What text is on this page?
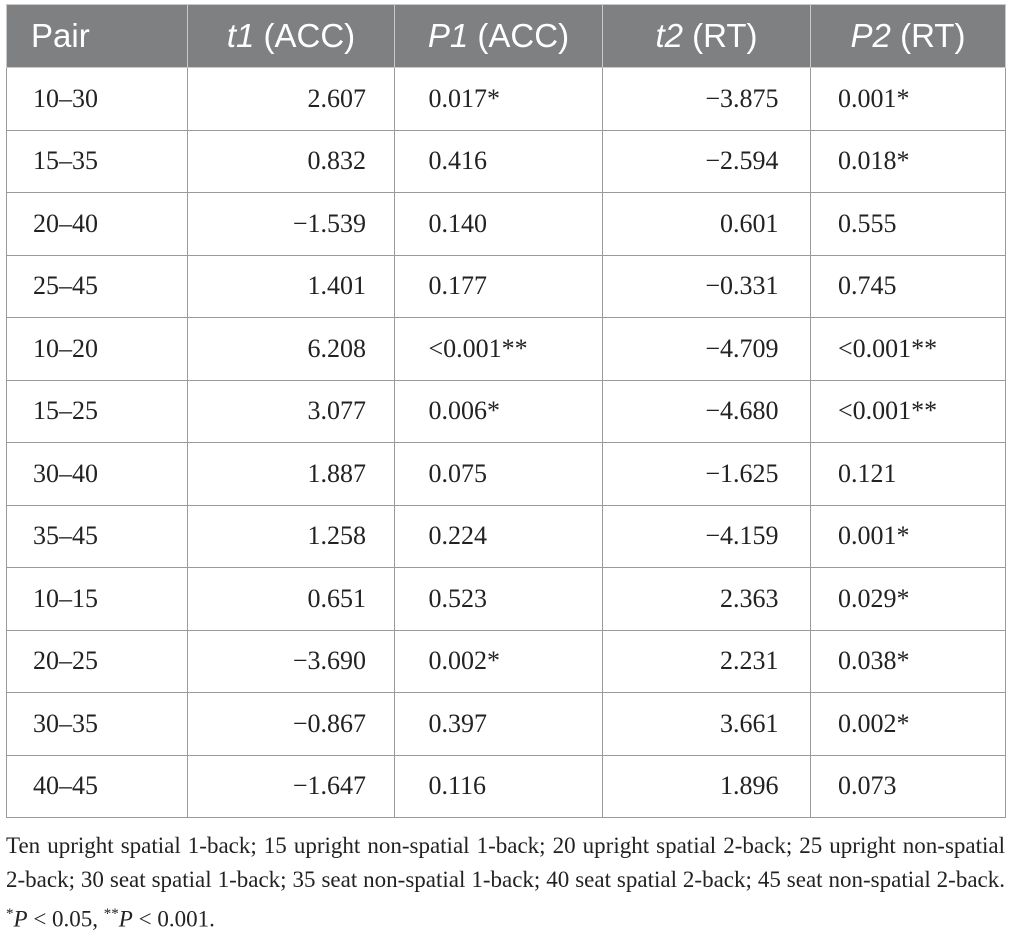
Pair	t1 (ACC)	P1 (ACC)	t2 (RT)	P2 (RT)
10–30	2.607	0.017*	−3.875	0.001*
15–35	0.832	0.416	−2.594	0.018*
20–40	−1.539	0.140	0.601	0.555
25–45	1.401	0.177	−0.331	0.745
10–20	6.208	<0.001**	−4.709	<0.001**
15–25	3.077	0.006*	−4.680	<0.001**
30–40	1.887	0.075	−1.625	0.121
35–45	1.258	0.224	−4.159	0.001*
10–15	0.651	0.523	2.363	0.029*
20–25	−3.690	0.002*	2.231	0.038*
30–35	−0.867	0.397	3.661	0.002*
40–45	−1.647	0.116	1.896	0.073
Ten upright spatial 1-back; 15 upright non-spatial 1-back; 20 upright spatial 2-back; 25 upright non-spatial 2-back; 30 seat spatial 1-back; 35 seat non-spatial 1-back; 40 seat spatial 2-back; 45 seat non-spatial 2-back. *P < 0.05, **P < 0.001.
